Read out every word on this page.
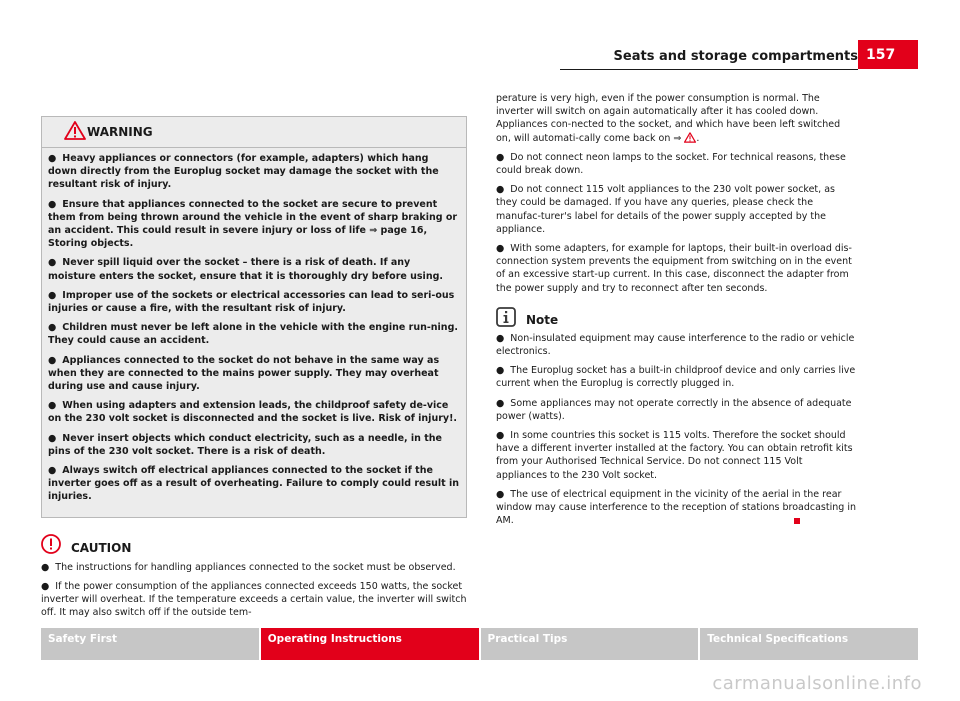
Seats and storage compartments 157
WARNING

● Heavy appliances or connectors (for example, adapters) which hang down directly from the Europlug socket may damage the socket with the resultant risk of injury.

● Ensure that appliances connected to the socket are secure to prevent them from being thrown around the vehicle in the event of sharp braking or an accident. This could result in severe injury or loss of life ⇒ page 16, Storing objects.

● Never spill liquid over the socket – there is a risk of death. If any moisture enters the socket, ensure that it is thoroughly dry before using.

● Improper use of the sockets or electrical accessories can lead to seri-ous injuries or cause a fire, with the resultant risk of injury.

● Children must never be left alone in the vehicle with the engine run-ning. They could cause an accident.

● Appliances connected to the socket do not behave in the same way as when they are connected to the mains power supply. They may overheat during use and cause injury.

● When using adapters and extension leads, the childproof safety de-vice on the 230 volt socket is disconnected and the socket is live. Risk of injury!.

● Never insert objects which conduct electricity, such as a needle, in the pins of the 230 volt socket. There is a risk of death.

● Always switch off electrical appliances connected to the socket if the inverter goes off as a result of overheating. Failure to comply could result in injuries.

CAUTION

● The instructions for handling appliances connected to the socket must be observed.

● If the power consumption of the appliances connected exceeds 150 watts, the socket inverter will overheat. If the temperature exceeds a certain value, the inverter will switch off. It may also switch off if the outside tem-

perature is very high, even if the power consumption is normal. The inverter will switch on again automatically after it has cooled down. Appliances con-nected to the socket, and which have been left switched on, will automati-cally come back on ⇒ .

● Do not connect neon lamps to the socket. For technical reasons, these could break down.

● Do not connect 115 volt appliances to the 230 volt power socket, as they could be damaged. If you have any queries, please check the manufac-turer's label for details of the power supply accepted by the appliance.

● With some adapters, for example for laptops, their built-in overload dis-connection system prevents the equipment from switching on in the event of an excessive start-up current. In this case, disconnect the adapter from the power supply and try to reconnect after ten seconds.

Note

● Non-insulated equipment may cause interference to the radio or vehicle electronics.

● The Europlug socket has a built-in childproof device and only carries live current when the Europlug is correctly plugged in.

● Some appliances may not operate correctly in the absence of adequate power (watts).

● In some countries this socket is 115 volts. Therefore the socket should have a different inverter installed at the factory. You can obtain retrofit kits from your Authorised Technical Service. Do not connect 115 Volt appliances to the 230 Volt socket.

● The use of electrical equipment in the vicinity of the aerial in the rear window may cause interference to the reception of stations broadcasting in AM.

Safety First	Operating Instructions	Practical Tips	Technical Specifications
carmanualsonline.info
